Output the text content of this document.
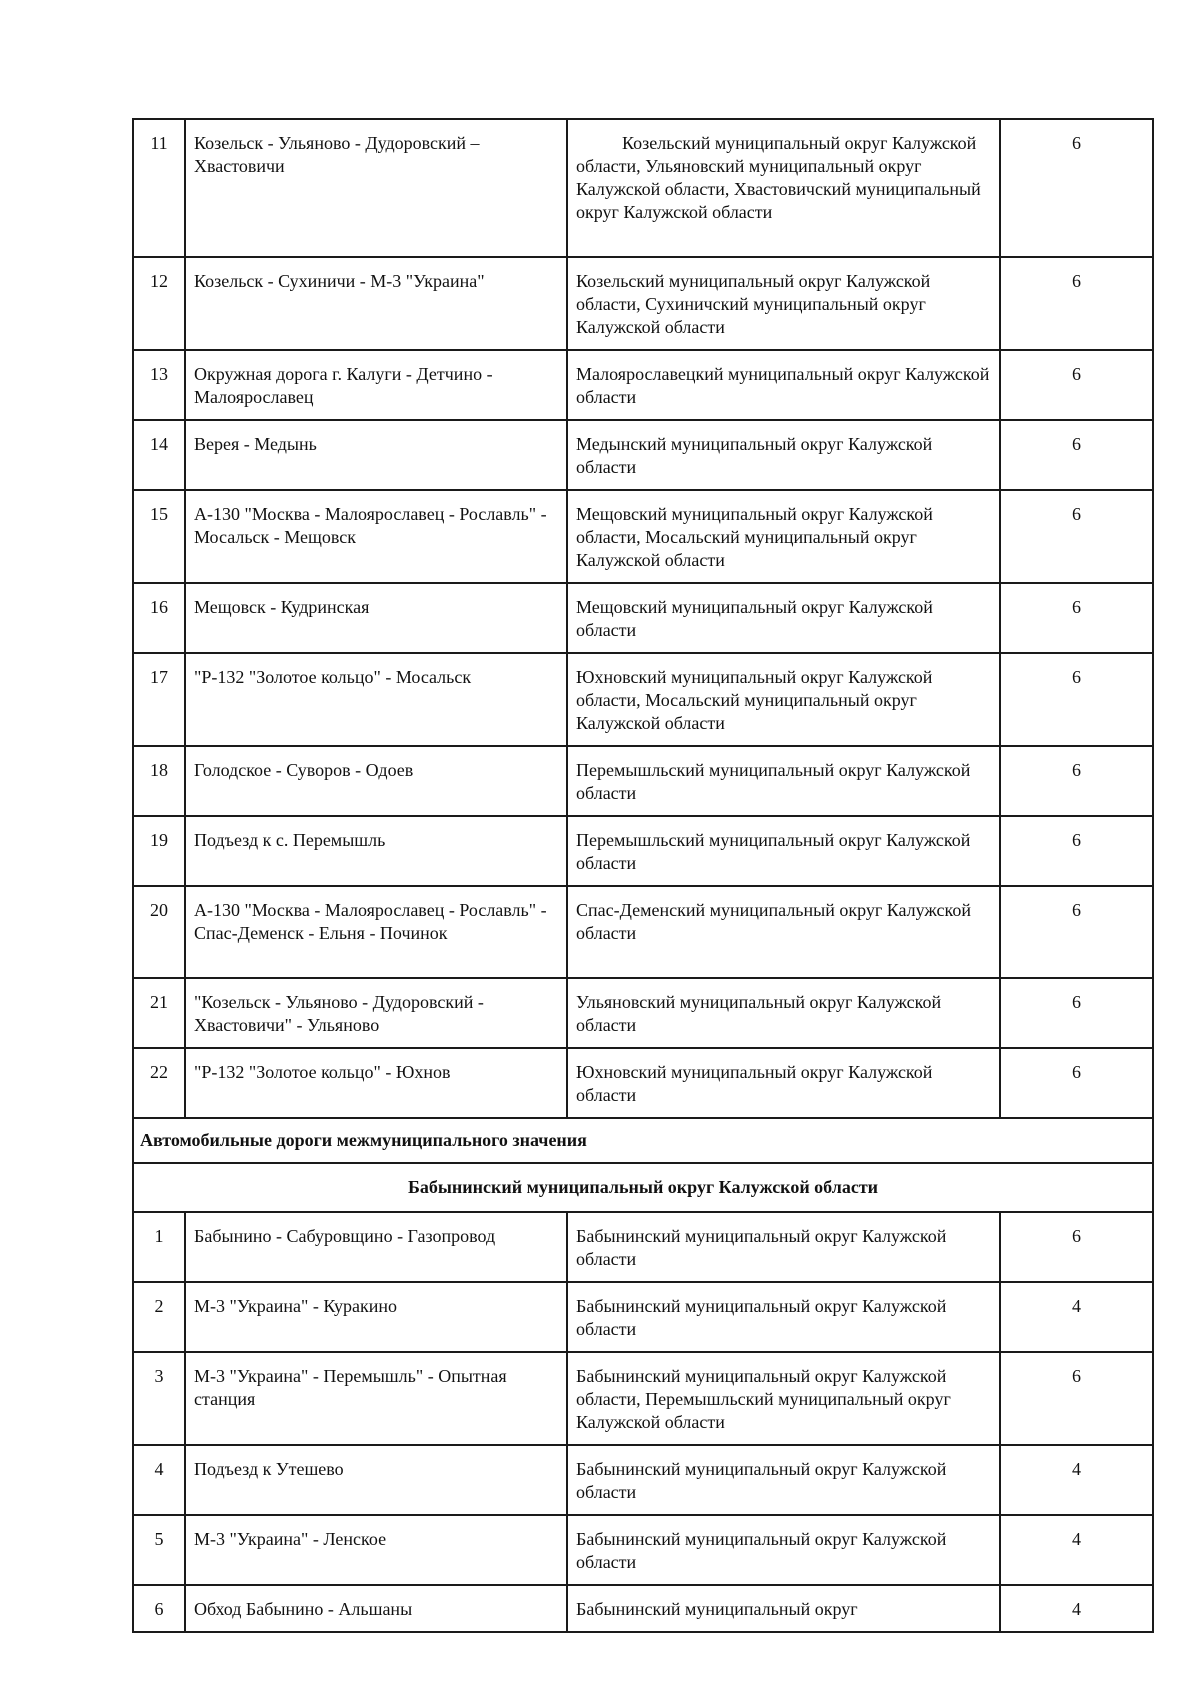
11	Козельск - Ульяново - Дудоровский – Хвастовичи	Козельский муниципальный округ Калужской области, Ульяновский муниципальный округ Калужской области, Хвастовичский муниципальный округ Калужской области	6
12	Козельск - Сухиничи - М-3 "Украина"	Козельский муниципальный округ Калужской области, Сухиничский муниципальный округ Калужской области	6
13	Окружная дорога г. Калуги - Детчино - Малоярославец	Малоярославецкий муниципальный округ Калужской области	6
14	Верея - Медынь	Медынский муниципальный округ Калужской области	6
15	А-130 "Москва - Малоярославец - Рославль" - Мосальск - Мещовск	Мещовский муниципальный округ Калужской области, Мосальский муниципальный округ Калужской области	6
16	Мещовск - Кудринская	Мещовский муниципальный округ Калужской области	6
17	"Р-132 "Золотое кольцо" - Мосальск	Юхновский муниципальный округ Калужской области, Мосальский муниципальный округ Калужской области	6
18	Голодское - Суворов - Одоев	Перемышльский муниципальный округ Калужской области	6
19	Подъезд к с. Перемышль	Перемышльский муниципальный округ Калужской области	6
20	А-130 "Москва - Малоярославец - Рославль" - Спас-Деменск - Ельня - Починок	Спас-Деменский муниципальный округ Калужской области	6
21	"Козельск - Ульяново - Дудоровский - Хвастовичи" - Ульяново	Ульяновский муниципальный округ Калужской области	6
22	"Р-132 "Золотое кольцо" - Юхнов	Юхновский муниципальный округ Калужской области	6
Автомобильные дороги межмуниципального значения			
Бабынинский муниципальный округ Калужской области			
1	Бабынино - Сабуровщино - Газопровод	Бабынинский муниципальный округ Калужской области	6
2	М-3 "Украина" - Куракино	Бабынинский муниципальный округ Калужской области	4
3	М-3 "Украина" - Перемышль" - Опытная станция	Бабынинский муниципальный округ Калужской области, Перемышльский муниципальный округ Калужской области	6
4	Подъезд к Утешево	Бабынинский муниципальный округ Калужской области	4
5	М-3 "Украина" - Ленское	Бабынинский муниципальный округ Калужской области	4
6	Обход Бабынино - Альшаны	Бабынинский муниципальный округ	4
